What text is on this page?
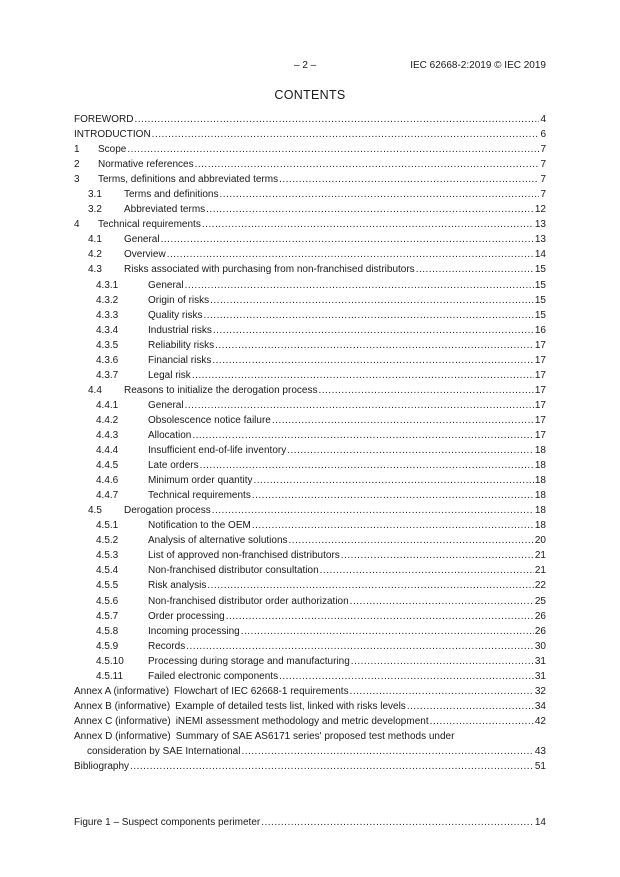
– 2 –	IEC 62668-2:2019 © IEC 2019
CONTENTS
FOREWORD .....	4
INTRODUCTION .....	6
1	Scope .....	7
2	Normative references .....	7
3	Terms, definitions and abbreviated terms .....	7
3.1	Terms and definitions .....	7
3.2	Abbreviated terms .....	12
4	Technical requirements .....	13
4.1	General .....	13
4.2	Overview .....	14
4.3	Risks associated with purchasing from non-franchised distributors .....	15
4.3.1	General .....	15
4.3.2	Origin of risks .....	15
4.3.3	Quality risks .....	15
4.3.4	Industrial risks .....	16
4.3.5	Reliability risks .....	17
4.3.6	Financial risks .....	17
4.3.7	Legal risk .....	17
4.4	Reasons to initialize the derogation process .....	17
4.4.1	General .....	17
4.4.2	Obsolescence notice failure .....	17
4.4.3	Allocation .....	17
4.4.4	Insufficient end-of-life inventory .....	18
4.4.5	Late orders .....	18
4.4.6	Minimum order quantity .....	18
4.4.7	Technical requirements .....	18
4.5	Derogation process .....	18
4.5.1	Notification to the OEM .....	18
4.5.2	Analysis of alternative solutions .....	20
4.5.3	List of approved non-franchised distributors .....	21
4.5.4	Non-franchised distributor consultation .....	21
4.5.5	Risk analysis .....	22
4.5.6	Non-franchised distributor order authorization .....	25
4.5.7	Order processing .....	26
4.5.8	Incoming processing .....	26
4.5.9	Records .....	30
4.5.10	Processing during storage and manufacturing .....	31
4.5.11	Failed electronic components .....	31
Annex A (informative) Flowchart of IEC 62668-1 requirements .....	32
Annex B (informative) Example of detailed tests list, linked with risks levels .....	34
Annex C (informative) iNEMI assessment methodology and metric development .....	42
Annex D (informative) Summary of SAE AS6171 series' proposed test methods under
consideration by SAE International .....	43
Bibliography .....	51
Figure 1 – Suspect components perimeter .....	14
